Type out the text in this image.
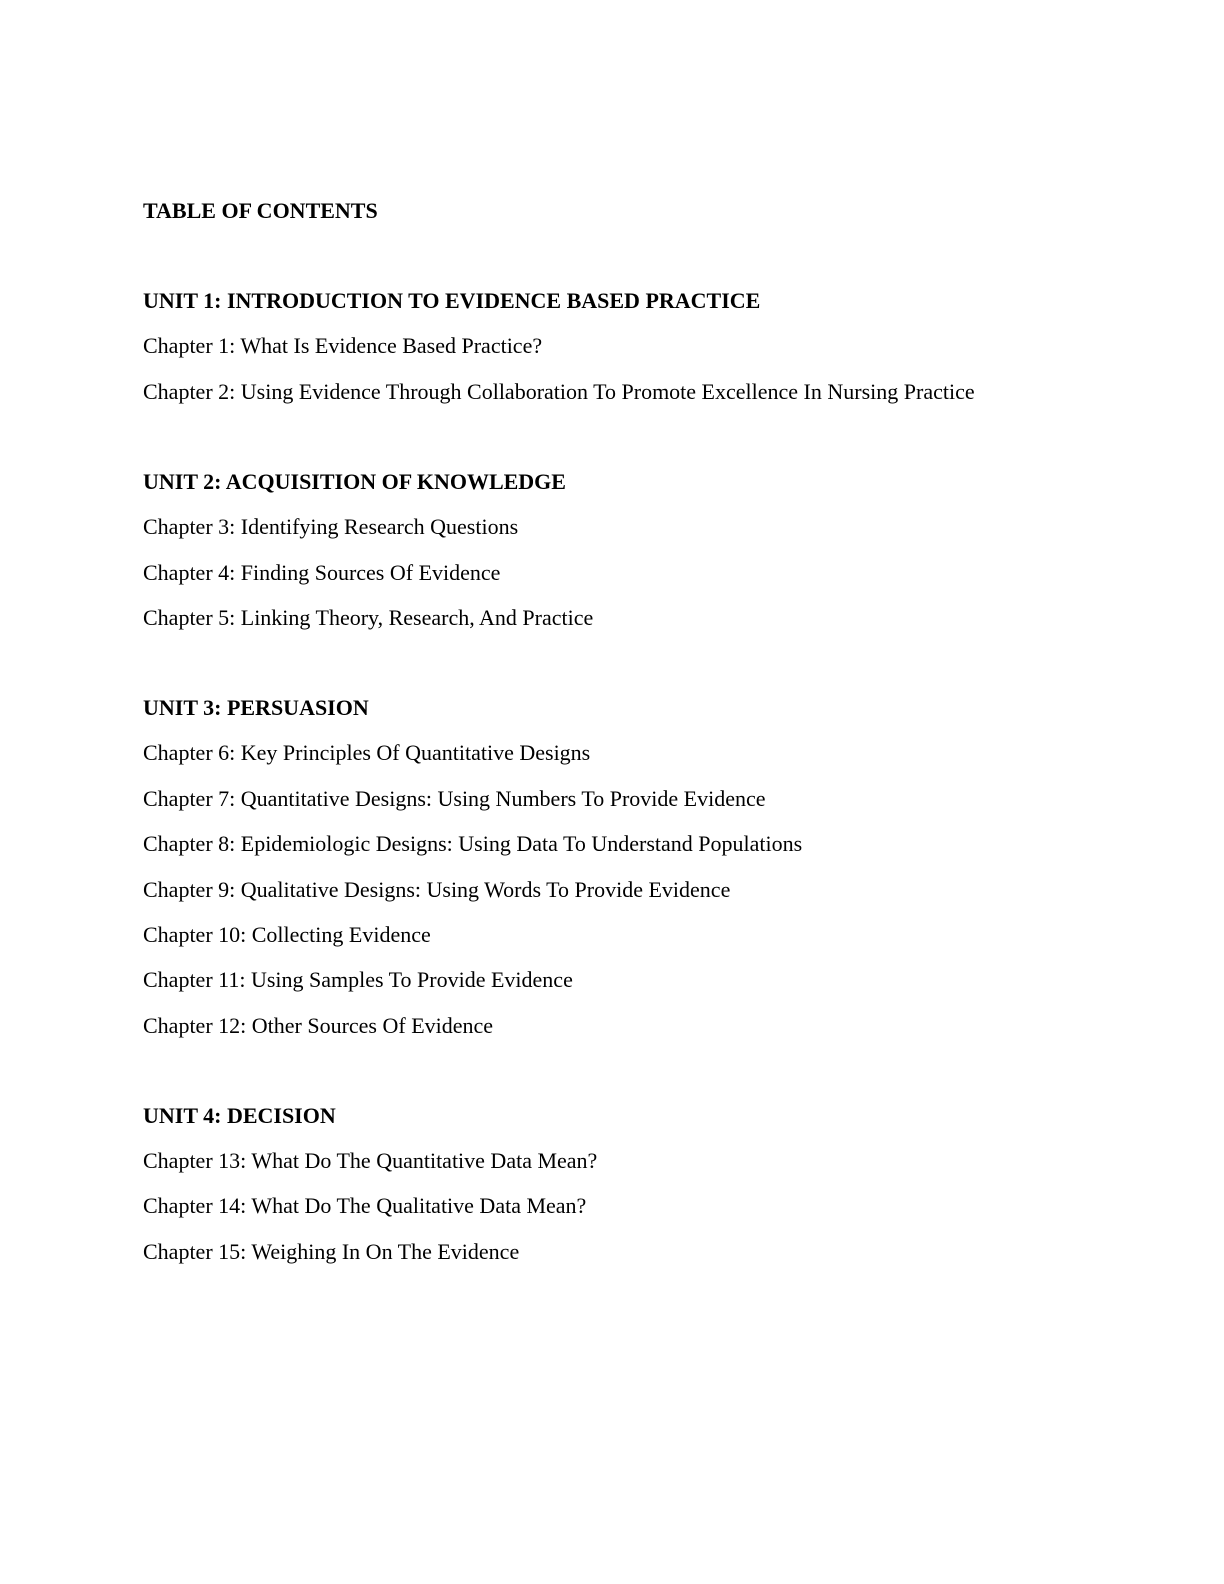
TABLE OF CONTENTS

UNIT 1: INTRODUCTION TO EVIDENCE BASED PRACTICE

Chapter 1: What Is Evidence Based Practice?

Chapter 2: Using Evidence Through Collaboration To Promote Excellence In Nursing Practice

UNIT 2: ACQUISITION OF KNOWLEDGE

Chapter 3: Identifying Research Questions

Chapter 4: Finding Sources Of Evidence

Chapter 5: Linking Theory, Research, And Practice

UNIT 3: PERSUASION

Chapter 6: Key Principles Of Quantitative Designs

Chapter 7: Quantitative Designs: Using Numbers To Provide Evidence

Chapter 8: Epidemiologic Designs: Using Data To Understand Populations

Chapter 9: Qualitative Designs: Using Words To Provide Evidence

Chapter 10: Collecting Evidence

Chapter 11: Using Samples To Provide Evidence

Chapter 12: Other Sources Of Evidence

UNIT 4: DECISION

Chapter 13: What Do The Quantitative Data Mean?

Chapter 14: What Do The Qualitative Data Mean?

Chapter 15: Weighing In On The Evidence
